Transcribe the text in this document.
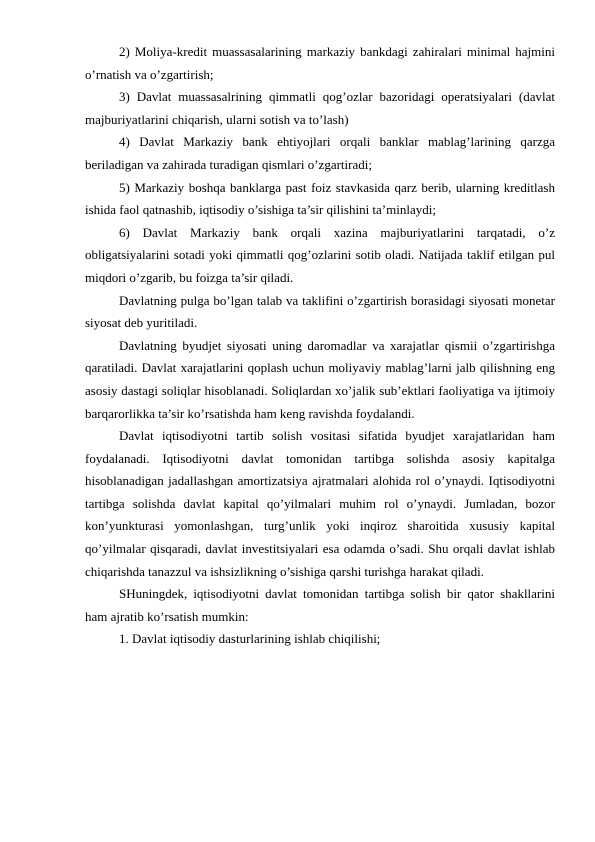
2) Moliya-kredit muassasalarining markaziy bankdagi zahiralari minimal hajmini o’rnatish va o’zgartirish;

3) Davlat muassasalrining qimmatli qog’ozlar bazoridagi operatsiyalari (davlat majburiyatlarini chiqarish, ularni sotish va to’lash)

4) Davlat Markaziy bank ehtiyojlari orqali banklar mablag’larining qarzga beriladigan va zahirada turadigan qismlari o’zgartiradi;

5) Markaziy boshqa banklarga past foiz stavkasida qarz berib, ularning kreditlash ishida faol qatnashib, iqtisodiy o’sishiga ta’sir qilishini ta’minlaydi;

6) Davlat Markaziy bank orqali xazina majburiyatlarini tarqatadi, o’z obligatsiyalarini sotadi yoki qimmatli qog’ozlarini sotib oladi. Natijada taklif etilgan pul miqdori o’zgarib, bu foizga ta’sir qiladi.

Davlatning pulga bo’lgan talab va taklifini o’zgartirish borasidagi siyosati monetar siyosat deb yuritiladi.

Davlatning byudjet siyosati uning daromadlar va xarajatlar qismii o’zgartirishga qaratiladi. Davlat xarajatlarini qoplash uchun moliyaviy mablag’larni jalb qilishning eng asosiy dastagi soliqlar hisoblanadi. Soliqlardan xo’jalik sub’ektlari faoliyatiga va ijtimoiy barqarorlikka ta’sir ko’rsatishda ham keng ravishda foydalandi.

Davlat iqtisodiyotni tartib solish vositasi sifatida byudjet xarajatlaridan ham foydalanadi. Iqtisodiyotni davlat tomonidan tartibga solishda asosiy kapitalga hisoblanadigan jadallashgan amortizatsiya ajratmalari alohida rol o’ynaydi. Iqtisodiyotni tartibga solishda davlat kapital qo’yilmalari muhim rol o’ynaydi. Jumladan, bozor kon’yunkturasi yomonlashgan, turg’unlik yoki inqiroz sharoitida xususiy kapital qo’yilmalar qisqaradi, davlat investitsiyalari esa odamda o’sadi. Shu orqali davlat ishlab chiqarishda tanazzul va ishsizlikning o’sishiga qarshi turishga harakat qiladi.

SHuningdek, iqtisodiyotni davlat tomonidan tartibga solish bir qator shakllarini ham ajratib ko’rsatish mumkin:

1. Davlat iqtisodiy dasturlarining ishlab chiqilishi;
